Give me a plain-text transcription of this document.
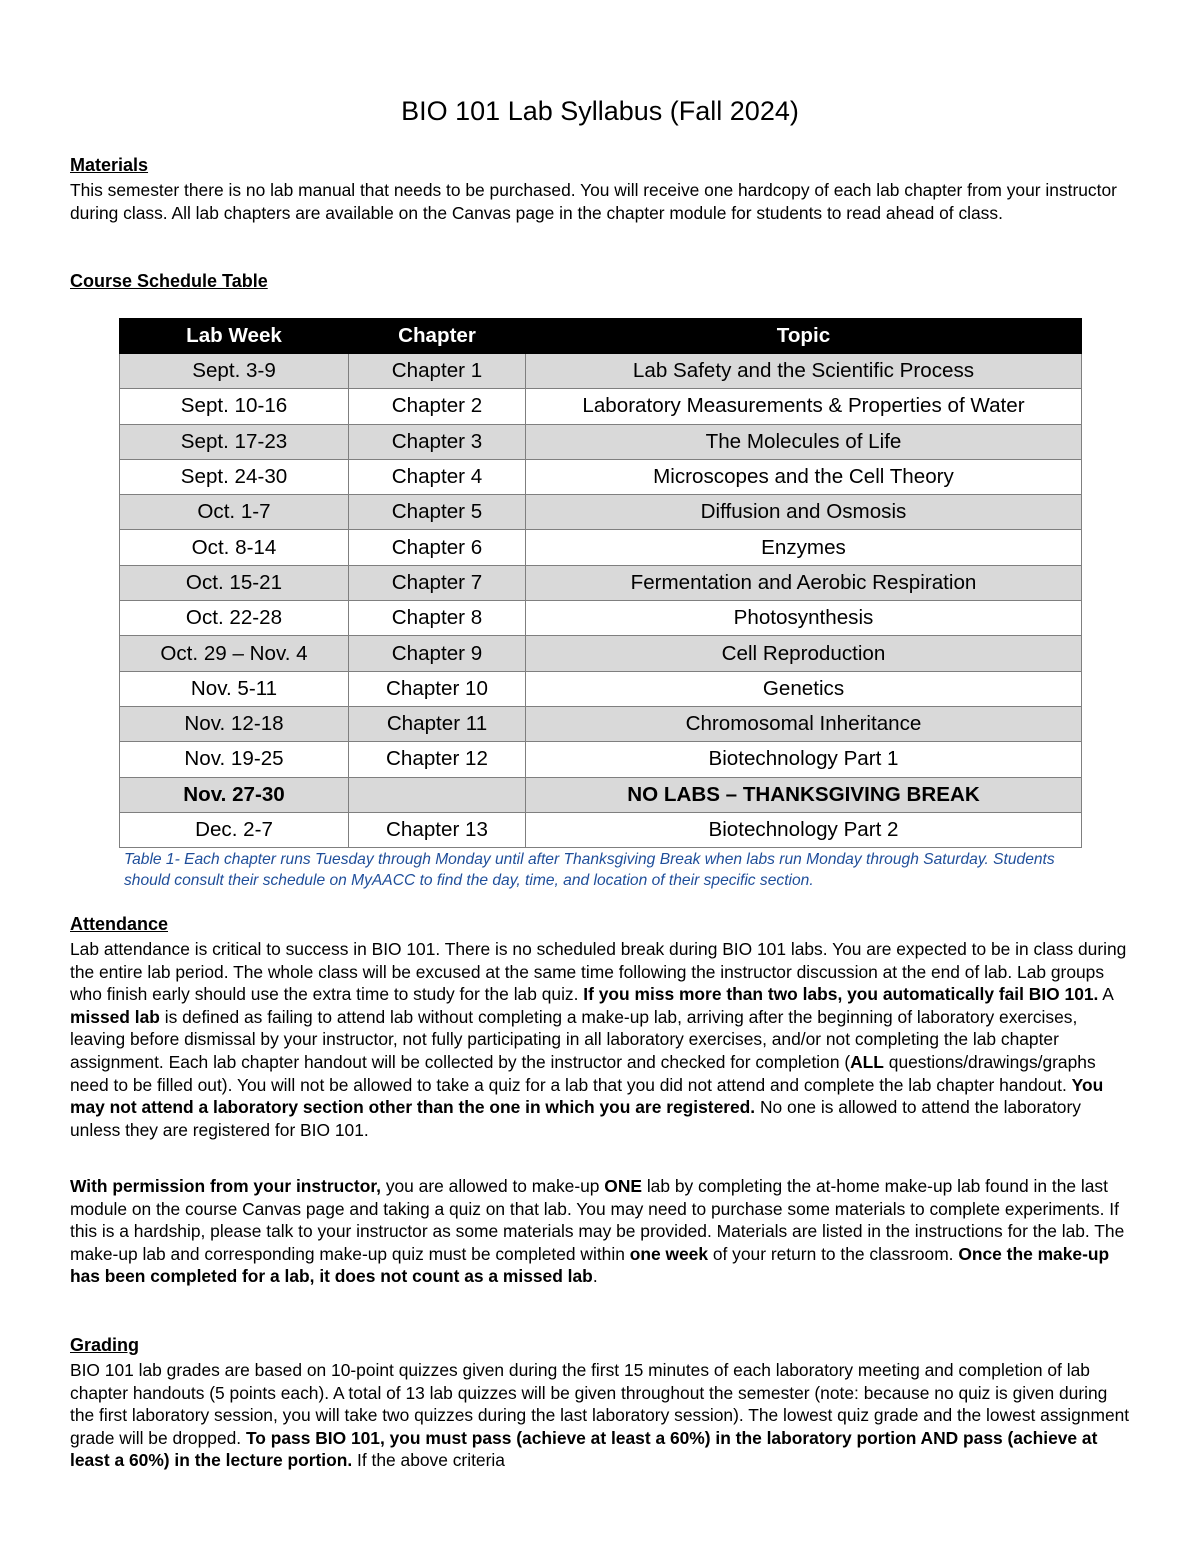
BIO 101 Lab Syllabus (Fall 2024)
Materials

This semester there is no lab manual that needs to be purchased. You will receive one hardcopy of each lab chapter from your instructor during class. All lab chapters are available on the Canvas page in the chapter module for students to read ahead of class.

Course Schedule Table
Lab Week	Chapter	Topic
Sept. 3-9	Chapter 1	Lab Safety and the Scientific Process
Sept. 10-16	Chapter 2	Laboratory Measurements & Properties of Water
Sept. 17-23	Chapter 3	The Molecules of Life
Sept. 24-30	Chapter 4	Microscopes and the Cell Theory
Oct. 1-7	Chapter 5	Diffusion and Osmosis
Oct. 8-14	Chapter 6	Enzymes
Oct. 15-21	Chapter 7	Fermentation and Aerobic Respiration
Oct. 22-28	Chapter 8	Photosynthesis
Oct. 29 – Nov. 4	Chapter 9	Cell Reproduction
Nov. 5-11	Chapter 10	Genetics
Nov. 12-18	Chapter 11	Chromosomal Inheritance
Nov. 19-25	Chapter 12	Biotechnology Part 1
Nov. 27-30		NO LABS – THANKSGIVING BREAK
Dec. 2-7	Chapter 13	Biotechnology Part 2

Table 1- Each chapter runs Tuesday through Monday until after Thanksgiving Break when labs run Monday through Saturday. Students should consult their schedule on MyAACC to find the day, time, and location of their specific section.

Attendance

Lab attendance is critical to success in BIO 101. There is no scheduled break during BIO 101 labs. You are expected to be in class during the entire lab period. The whole class will be excused at the same time following the instructor discussion at the end of lab. Lab groups who finish early should use the extra time to study for the lab quiz. If you miss more than two labs, you automatically fail BIO 101. A missed lab is defined as failing to attend lab without completing a make-up lab, arriving after the beginning of laboratory exercises, leaving before dismissal by your instructor, not fully participating in all laboratory exercises, and/or not completing the lab chapter assignment. Each lab chapter handout will be collected by the instructor and checked for completion (ALL questions/drawings/graphs need to be filled out). You will not be allowed to take a quiz for a lab that you did not attend and complete the lab chapter handout. You may not attend a laboratory section other than the one in which you are registered. No one is allowed to attend the laboratory unless they are registered for BIO 101.

With permission from your instructor, you are allowed to make-up ONE lab by completing the at-home make-up lab found in the last module on the course Canvas page and taking a quiz on that lab. You may need to purchase some materials to complete experiments. If this is a hardship, please talk to your instructor as some materials may be provided. Materials are listed in the instructions for the lab. The make-up lab and corresponding make-up quiz must be completed within one week of your return to the classroom. Once the make-up has been completed for a lab, it does not count as a missed lab.

Grading

BIO 101 lab grades are based on 10-point quizzes given during the first 15 minutes of each laboratory meeting and completion of lab chapter handouts (5 points each). A total of 13 lab quizzes will be given throughout the semester (note: because no quiz is given during the first laboratory session, you will take two quizzes during the last laboratory session). The lowest quiz grade and the lowest assignment grade will be dropped. To pass BIO 101, you must pass (achieve at least a 60%) in the laboratory portion AND pass (achieve at least a 60%) in the lecture portion. If the above criteria
